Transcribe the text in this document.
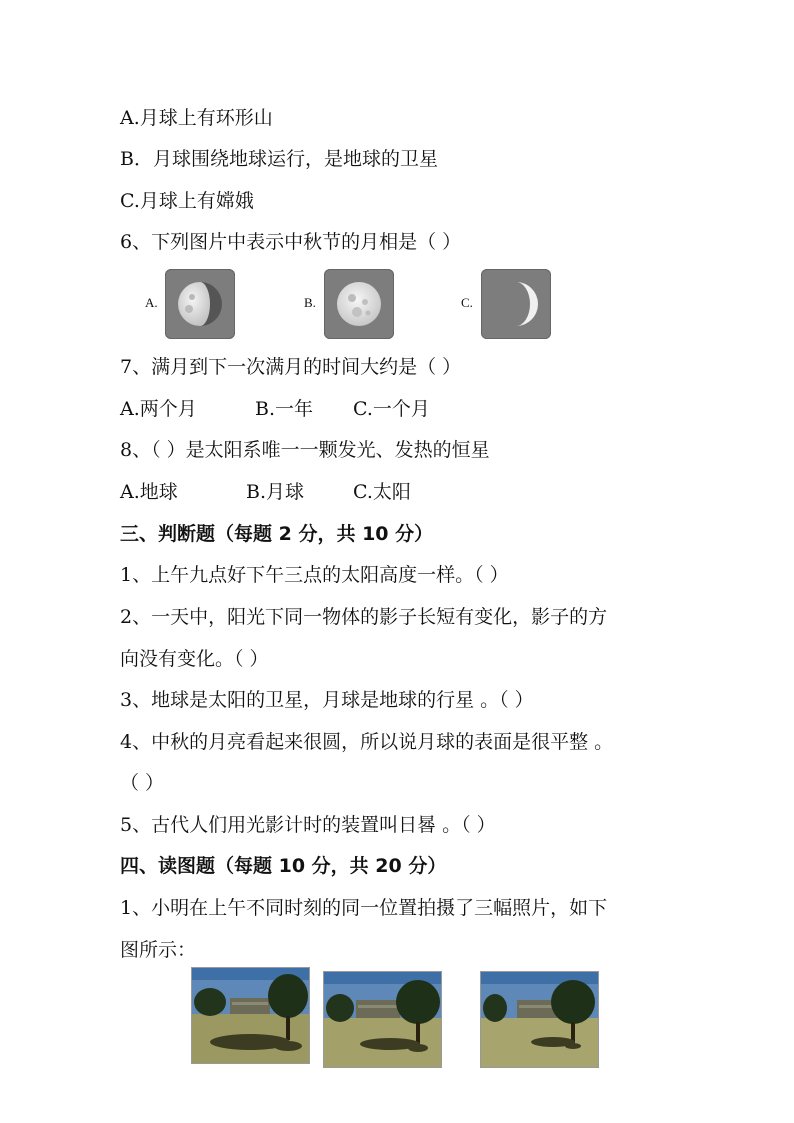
A.月球上有环形山
B．月球围绕地球运行，是地球的卫星
C.月球上有嫦娥
6、下列图片中表示中秋节的月相是（ ）
A.	B.	C.
7、满月到下一次满月的时间大约是（ ）
A.两个月	B.一年 C.一个月
8、（ ）是太阳系唯一一颗发光、发热的恒星
A.地球	B.月球	C.太阳
三、判断题（每题 2 分，共 10 分）
1、上午九点好下午三点的太阳高度一样。（ ）
2、一天中，阳光下同一物体的影子长短有变化，影子的方
向没有变化。（ ）
3、地球是太阳的卫星，月球是地球的行星 。（ ）
4、中秋的月亮看起来很圆，所以说月球的表面是很平整 。
（ ）
5、古代人们用光影计时的装置叫日晷 。（ ）
四、读图题（每题 10 分，共 20 分）
1、小明在上午不同时刻的同一位置拍摄了三幅照片，如下
图所示：
